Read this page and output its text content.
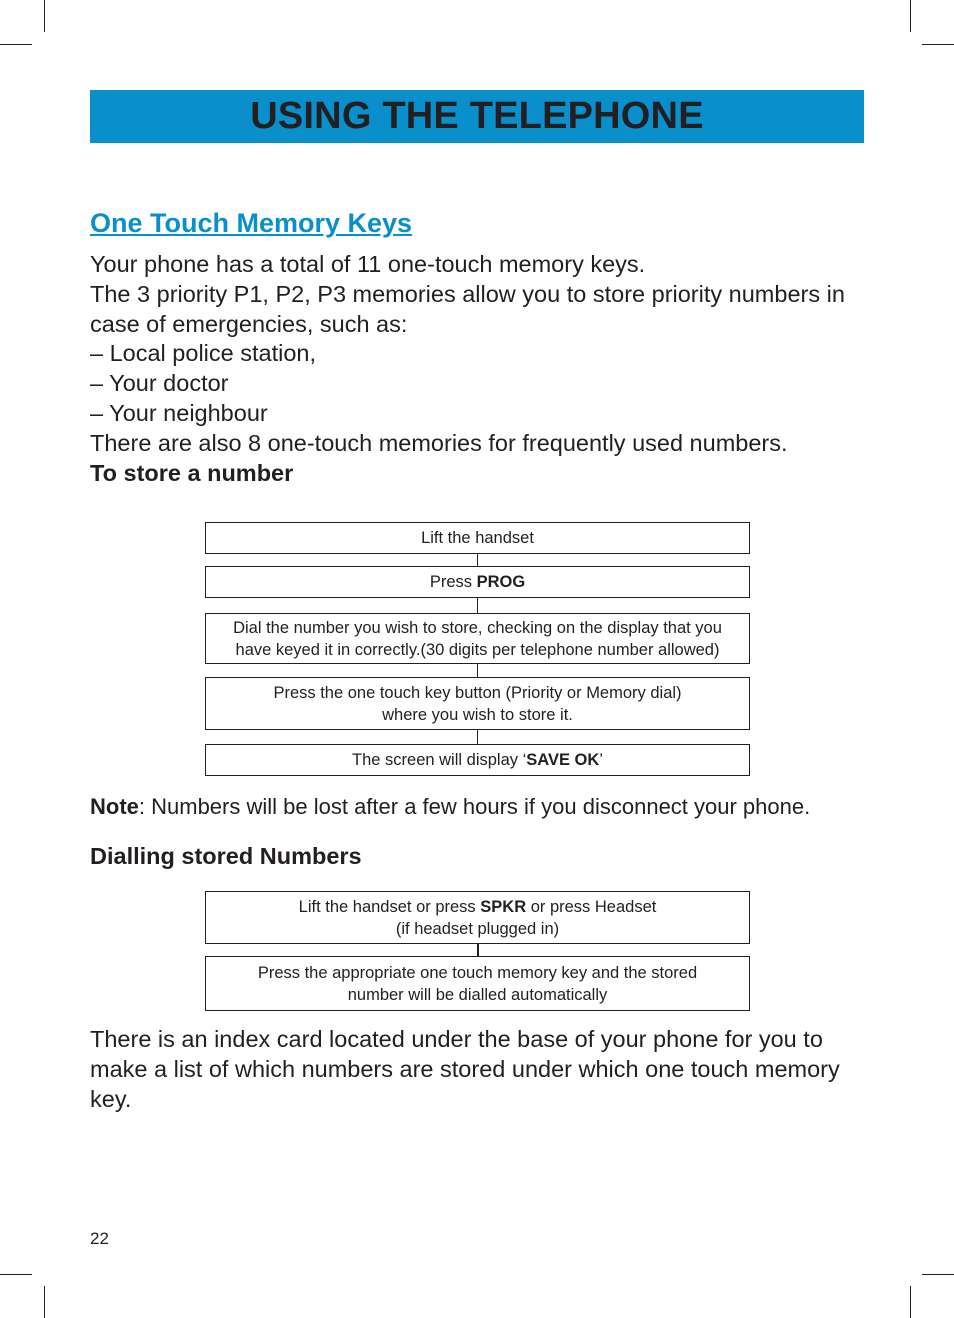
USING THE TELEPHONE
One Touch Memory Keys

Your phone has a total of 11 one-touch memory keys.

The 3 priority P1, P2, P3 memories allow you to store priority numbers in case of emergencies, such as:

– Local police station,

– Your doctor

– Your neighbour

There are also 8 one-touch memories for frequently used numbers.

To store a number

Lift the handset
Press PROG
Dial the number you wish to store, checking on the display that you
have keyed it in correctly.(30 digits per telephone number allowed)
Press the one touch key button (Priority or Memory dial)
where you wish to store it.
The screen will display ‘SAVE OK’
Note: Numbers will be lost after a few hours if you disconnect your phone.
Dialling stored Numbers
Lift the handset or press SPKR or press Headset
(if headset plugged in)
Press the appropriate one touch memory key and the stored
number will be dialled automatically
There is an index card located under the base of your phone for you to make a list of which numbers are stored under which one touch memory key.
22
